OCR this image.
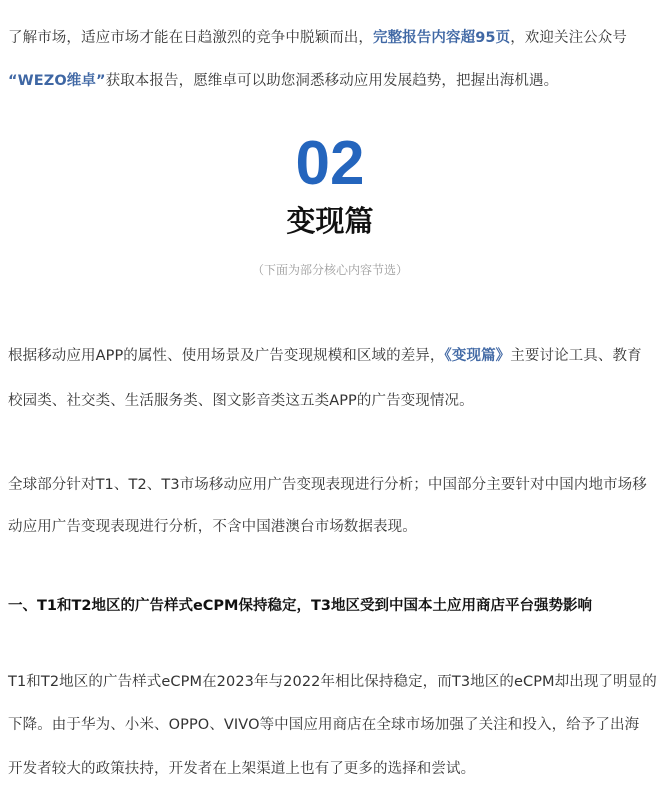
了解市场，适应市场才能在日趋激烈的竞争中脱颖而出，完整报告内容超95页，欢迎关注公众号
“WEZO维卓”获取本报告，愿维卓可以助您洞悉移动应用发展趋势，把握出海机遇。
02
变现篇
（下面为部分核心内容节选）
根据移动应用APP的属性、使用场景及广告变现规模和区域的差异，《变现篇》主要讨论工具、教育
校园类、社交类、生活服务类、图文影音类这五类APP的广告变现情况。
全球部分针对T1、T2、T3市场移动应用广告变现表现进行分析；中国部分主要针对中国内地市场移
动应用广告变现表现进行分析，不含中国港澳台市场数据表现。
一、T1和T2地区的广告样式eCPM保持稳定，T3地区受到中国本土应用商店平台强势影响
T1和T2地区的广告样式eCPM在2023年与2022年相比保持稳定，而T3地区的eCPM却出现了明显的
下降。由于华为、小米、OPPO、VIVO等中国应用商店在全球市场加强了关注和投入，给予了出海
开发者较大的政策扶持，开发者在上架渠道上也有了更多的选择和尝试。
